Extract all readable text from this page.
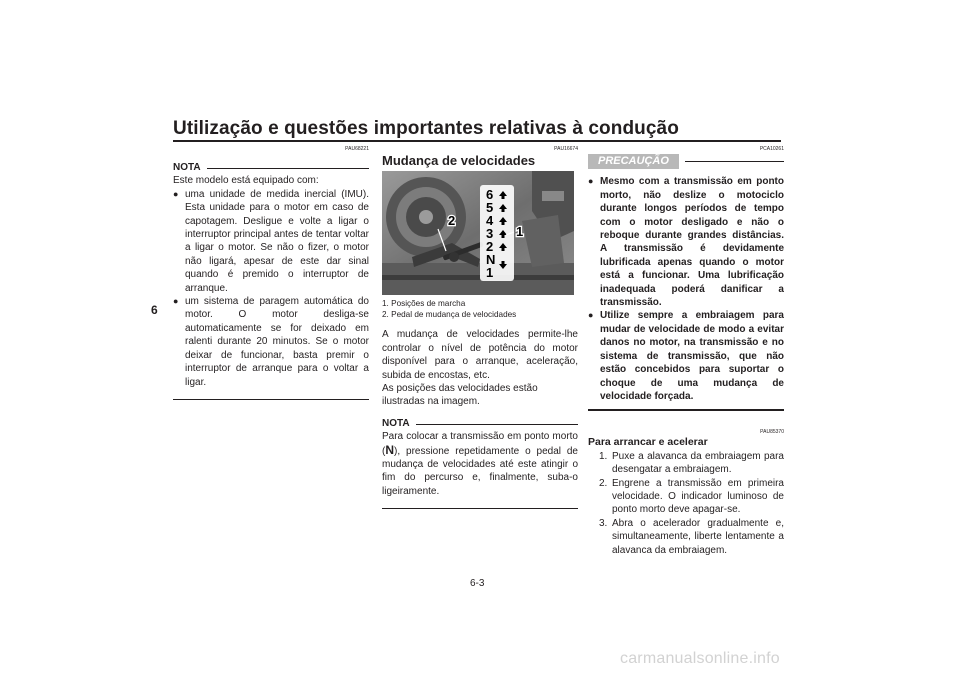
Utilização e questões importantes relativas à condução
6
PAU68221
NOTA

Este modelo está equipado com:

● uma unidade de medida inercial (IMU). Esta unidade para o motor em caso de capotagem. Desligue e volte a ligar o interruptor principal antes de tentar voltar a ligar o motor. Se não o fizer, o motor não ligará, apesar de este dar sinal quando é premido o interruptor de arranque.
● um sistema de paragem automática do motor. O motor desliga-se automaticamente se for deixado em ralenti durante 20 minutos. Se o motor deixar de funcionar, basta premir o interruptor de arranque para o voltar a ligar.
PAU16674
Mudança de velocidades
6
5
4
3
2
N
1
1
2
1. Posições de marcha
2. Pedal de mudança de velocidades

A mudança de velocidades permite-lhe controlar o nível de potência do motor disponível para o arranque, aceleração, subida de encostas, etc.

As posições das velocidades estão ilustradas na imagem.

NOTA

Para colocar a transmissão em ponto morto (N), pressione repetidamente o pedal de mudança de velocidades até este atingir o fim do percurso e, finalmente, suba-o ligeiramente.

PCA10261
PRECAUÇÃO
● Mesmo com a transmissão em ponto morto, não deslize o motociclo durante longos períodos de tempo com o motor desligado e não o reboque durante grandes distâncias. A transmissão é devidamente lubrificada apenas quando o motor está a funcionar. Uma lubrificação inadequada poderá danificar a transmissão.
● Utilize sempre a embraiagem para mudar de velocidade de modo a evitar danos no motor, na transmissão e no sistema de transmissão, que não estão concebidos para suportar o choque de uma mudança de velocidade forçada.
PAU85370
Para arrancar e acelerar
1. Puxe a alavanca da embraiagem para desengatar a embraiagem.
2. Engrene a transmissão em primeira velocidade. O indicador luminoso de ponto morto deve apagar-se.
3. Abra o acelerador gradualmente e, simultaneamente, liberte lentamente a alavanca da embraiagem.
6-3
carmanualsonline.info
